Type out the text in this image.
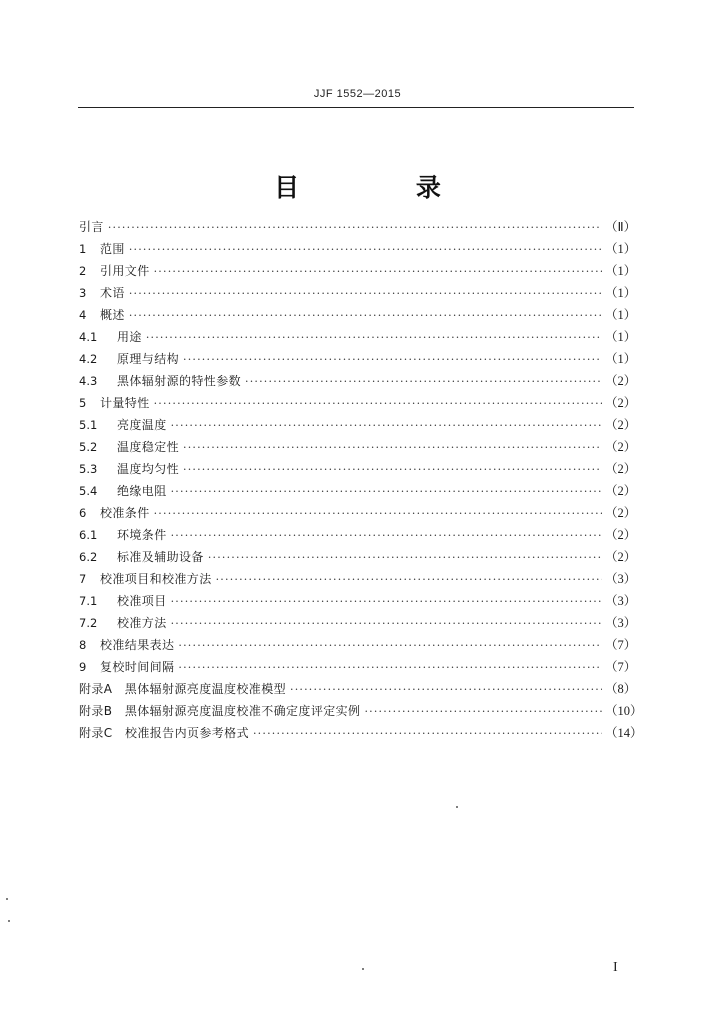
JJF 1552—2015
目 录
引言 ·····	（Ⅱ）
1	范围 ·····	（1）
2	引用文件 ·····	（1）
3	术语 ·····	（1）
4	概述 ·····	（1）
4.1	用途 ·····	（1）
4.2	原理与结构 ·····	（1）
4.3	黑体辐射源的特性参数 ·····	（2）
5	计量特性 ·····	（2）
5.1	亮度温度 ·····	（2）
5.2	温度稳定性 ·····	（2）
5.3	温度均匀性 ·····	（2）
5.4	绝缘电阻 ·····	（2）
6	校准条件 ·····	（2）
6.1	环境条件 ·····	（2）
6.2	标准及辅助设备 ·····	（2）
7	校准项目和校准方法 ·····	（3）
7.1	校准项目 ·····	（3）
7.2	校准方法 ·····	（3）
8	校准结果表达 ·····	（7）
9	复校时间间隔 ·····	（7）
附录A　黑体辐射源亮度温度校准模型 ·····	（8）
附录B　黑体辐射源亮度温度校准不确定度评定实例 ·····	（10）
附录C　校准报告内页参考格式 ·····	（14）
I
